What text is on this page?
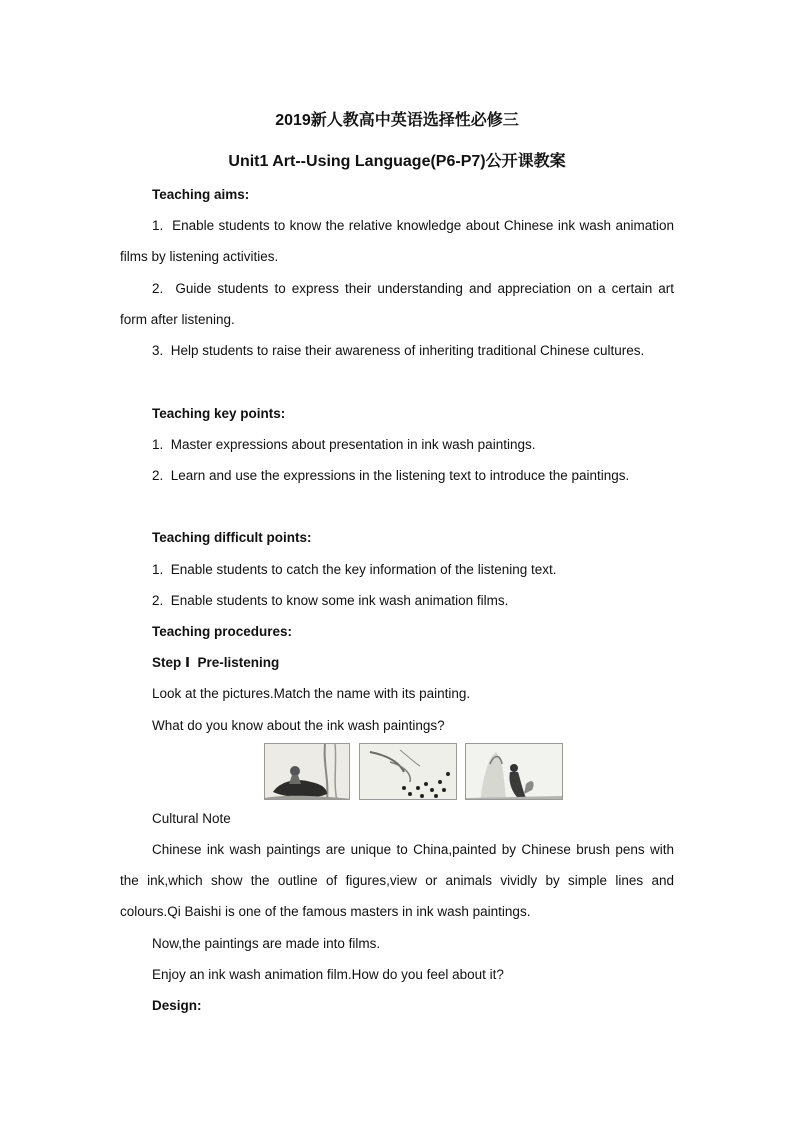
2019新人教高中英语选择性必修三
Unit1 Art--Using Language(P6-P7)公开课教案
Teaching aims:
1.  Enable students to know the relative knowledge about Chinese ink wash animation films by listening activities.
2.  Guide students to express their understanding and appreciation on a certain art form after listening.
3.  Help students to raise their awareness of inheriting traditional Chinese cultures.
Teaching key points:
1.  Master expressions about presentation in ink wash paintings.
2.  Learn and use the expressions in the listening text to introduce the paintings.
Teaching difficult points:
1.  Enable students to catch the key information of the listening text.
2.  Enable students to know some ink wash animation films.
Teaching procedures:
Step Ⅰ  Pre-listening
Look at the pictures.Match the name with its painting.
What do you know about the ink wash paintings?
Cultural Note
Chinese ink wash paintings are unique to China,painted by Chinese brush pens with the ink,which show the outline of figures,view or animals vividly by simple lines and colours.Qi Baishi is one of the famous masters in ink wash paintings.
Now,the paintings are made into films.
Enjoy an ink wash animation film.How do you feel about it?
Design:
